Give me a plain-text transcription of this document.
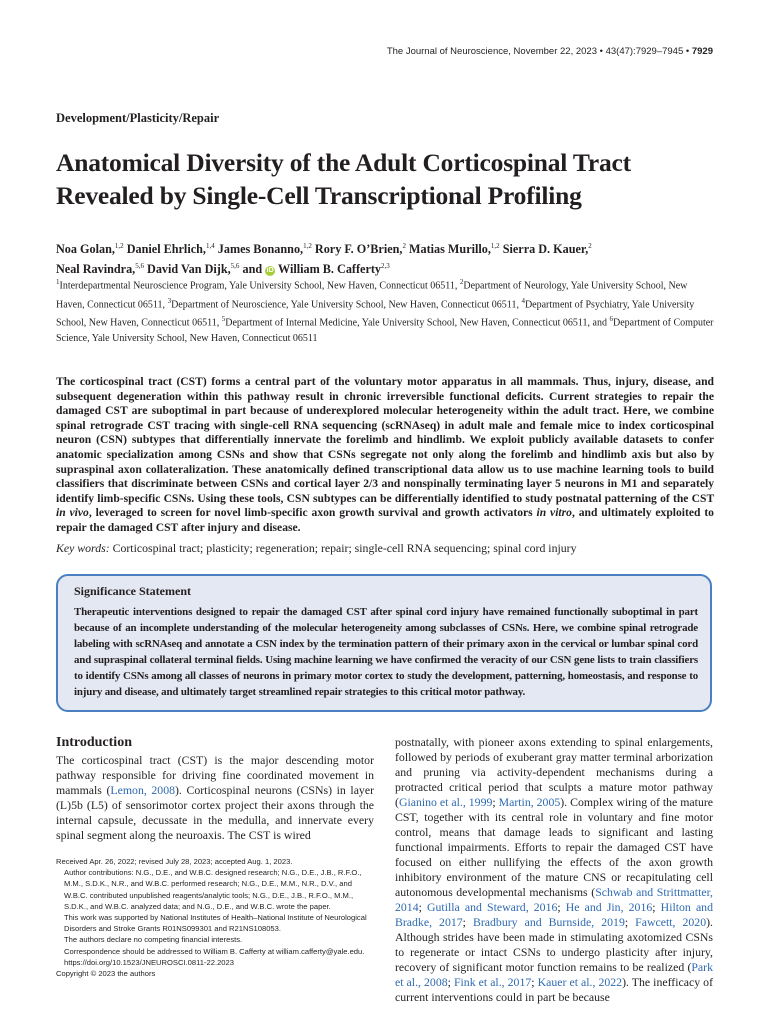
The Journal of Neuroscience, November 22, 2023 • 43(47):7929–7945 • 7929
Development/Plasticity/Repair
Anatomical Diversity of the Adult Corticospinal Tract
Revealed by Single-Cell Transcriptional Profiling
Noa Golan,$^{1,2}$ Daniel Ehrlich,$^{1,4}$ James Bonanno,$^{1,2}$ Rory F. O’Brien,$^2$ Matias Murillo,$^{1,2}$ Sierra D. Kauer,$^2$
Neal Ravindra,$^{5,6}$ David Van Dijk,$^{5,6}$ and iD William B. Cafferty$^{2,3}$
$^1$Interdepartmental Neuroscience Program, Yale University School, New Haven, Connecticut 06511, $^2$Department of Neurology, Yale University School, New Haven, Connecticut 06511, $^3$Department of Neuroscience, Yale University School, New Haven, Connecticut 06511, $^4$Department of Psychiatry, Yale University School, New Haven, Connecticut 06511, $^5$Department of Internal Medicine, Yale University School, New Haven, Connecticut 06511, and $^6$Department of Computer Science, Yale University School, New Haven, Connecticut 06511
The corticospinal tract (CST) forms a central part of the voluntary motor apparatus in all mammals. Thus, injury, disease, and subsequent degeneration within this pathway result in chronic irreversible functional deficits. Current strategies to repair the damaged CST are suboptimal in part because of underexplored molecular heterogeneity within the adult tract. Here, we combine spinal retrograde CST tracing with single-cell RNA sequencing (scRNAseq) in adult male and female mice to index corticospinal neuron (CSN) subtypes that differentially innervate the forelimb and hindlimb. We exploit publicly available datasets to confer anatomic specialization among CSNs and show that CSNs segregate not only along the forelimb and hindlimb axis but also by supraspinal axon collateralization. These anatomically defined transcriptional data allow us to use machine learning tools to build classifiers that discriminate between CSNs and cortical layer 2/3 and nonspinally terminating layer 5 neurons in M1 and separately identify limb-specific CSNs. Using these tools, CSN subtypes can be differentially identified to study postnatal patterning of the CST in vivo, leveraged to screen for novel limb-specific axon growth survival and growth activators in vitro, and ultimately exploited to repair the damaged CST after injury and disease.
Key words: Corticospinal tract; plasticity; regeneration; repair; single-cell RNA sequencing; spinal cord injury
Significance Statement
Therapeutic interventions designed to repair the damaged CST after spinal cord injury have remained functionally suboptimal in part because of an incomplete understanding of the molecular heterogeneity among subclasses of CSNs. Here, we combine spinal retrograde labeling with scRNAseq and annotate a CSN index by the termination pattern of their primary axon in the cervical or lumbar spinal cord and supraspinal collateral terminal fields. Using machine learning we have confirmed the veracity of our CSN gene lists to train classifiers to identify CSNs among all classes of neurons in primary motor cortex to study the development, patterning, homeostasis, and response to injury and disease, and ultimately target streamlined repair strategies to this critical motor pathway.
Introduction

The corticospinal tract (CST) is the major descending motor pathway responsible for driving fine coordinated movement in mammals (Lemon, 2008). Corticospinal neurons (CSNs) in layer (L)5b (L5) of sensorimotor cortex project their axons through the internal capsule, decussate in the medulla, and innervate every spinal segment along the neuroaxis. The CST is wired

postnatally, with pioneer axons extending to spinal enlargements, followed by periods of exuberant gray matter terminal arborization and pruning via activity-dependent mechanisms during a protracted critical period that sculpts a mature motor pathway (Gianino et al., 1999; Martin, 2005). Complex wiring of the mature CST, together with its central role in voluntary and fine motor control, means that damage leads to significant and lasting functional impairments. Efforts to repair the damaged CST have focused on either nullifying the effects of the axon growth inhibitory environment of the mature CNS or recapitulating cell autonomous developmental mechanisms (Schwab and Strittmatter, 2014; Gutilla and Steward, 2016; He and Jin, 2016; Hilton and Bradke, 2017; Bradbury and Burnside, 2019; Fawcett, 2020). Although strides have been made in stimulating axotomized CSNs to regenerate or intact CSNs to undergo plasticity after injury, recovery of significant motor function remains to be realized (Park et al., 2008; Fink et al., 2017; Kauer et al., 2022). The inefficacy of current interventions could in part be because

Received Apr. 26, 2022; revised July 28, 2023; accepted Aug. 1, 2023.

Author contributions: N.G., D.E., and W.B.C. designed research; N.G., D.E., J.B., R.F.O., M.M., S.D.K., N.R., and W.B.C. performed research; N.G., D.E., M.M., N.R., D.V., and W.B.C. contributed unpublished reagents/analytic tools; N.G., D.E., J.B., R.F.O., M.M., S.D.K., and W.B.C. analyzed data; and N.G., D.E., and W.B.C. wrote the paper.

This work was supported by National Institutes of Health–National Institute of Neurological Disorders and Stroke Grants R01NS099301 and R21NS108053.

The authors declare no competing financial interests.

Correspondence should be addressed to William B. Cafferty at william.cafferty@yale.edu.

https://doi.org/10.1523/JNEUROSCI.0811-22.2023

Copyright © 2023 the authors
